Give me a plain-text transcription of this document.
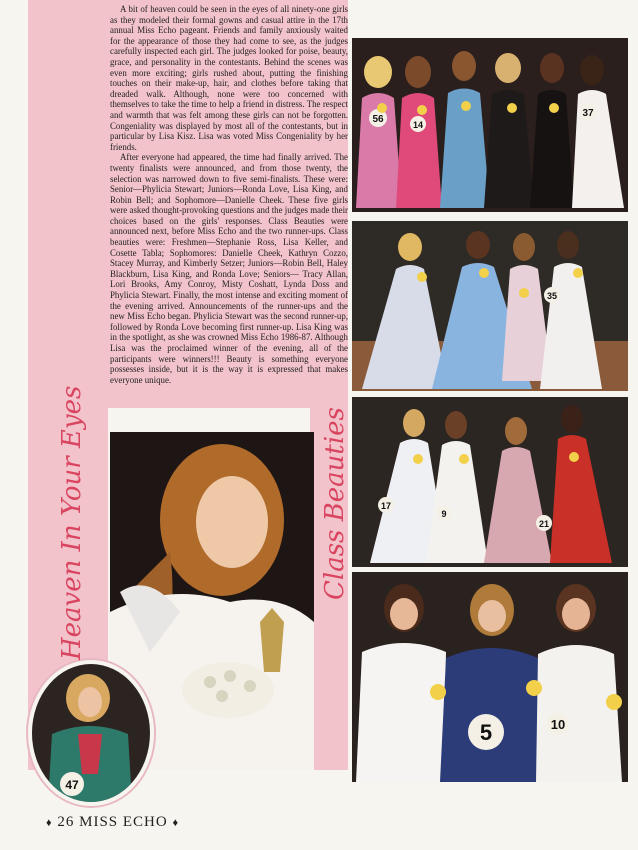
A bit of heaven could be seen in the eyes of all ninety-one girls as they modeled their formal gowns and casual attire in the 17th annual Miss Echo pageant. Friends and family anxiously waited for the appearance of those they had come to see, as the judges carefully inspected each girl. The judges looked for poise, beauty, grace, and personality in the contestants. Behind the scenes was even more exciting; girls rushed about, putting the finishing touches on their make-up, hair, and clothes before taking that dreaded walk. Although, none were too concerned with themselves to take the time to help a friend in distress. The respect and warmth that was felt among these girls can not be forgotten. Congeniality was displayed by most all of the contestants, but in particular by Lisa Kisz. Lisa was voted Miss Congeniality by her friends.

After everyone had appeared, the time had finally arrived. The twenty finalists were announced, and from those twenty, the selection was narrowed down to five semi-finalists. These were: Senior—Phylicia Stewart; Juniors—Ronda Love, Lisa King, and Robin Bell; and Sophomore—Danielle Cheek. These five girls were asked thought-provoking questions and the judges made their choices based on the girls' responses. Class Beauties were announced next, before Miss Echo and the two runner-ups. Class beauties were: Freshmen—Stephanie Ross, Lisa Keller, and Cosette Tabla; Sophomores: Danielle Cheek, Kathryn Cozzo, Stacey Murray, and Kimberly Setzer; Juniors—Robin Bell, Haley Blackburn, Lisa King, and Ronda Love; Seniors— Tracy Allan, Lori Brooks, Amy Conroy, Misty Coshatt, Lynda Doss and Phylicia Stewart. Finally, the most intense and exciting moment of the evening arrived. Announcements of the runner-ups and the new Miss Echo began. Phylicia Stewart was the second runner-up, followed by Ronda Love becoming first runner-up. Lisa King was in the spotlight, as she was crowned Miss Echo 1986-87. Although Lisa was the proclaimed winner of the evening, all of the participants were winners!!! Beauty is something everyone possesses inside, but it is the way it is expressed that makes everyone unique.

56	14
37
35
17
9
21
5	10
47
Heaven In Your Eyes	Class Beauties
♦ 26 MISS ECHO ♦
